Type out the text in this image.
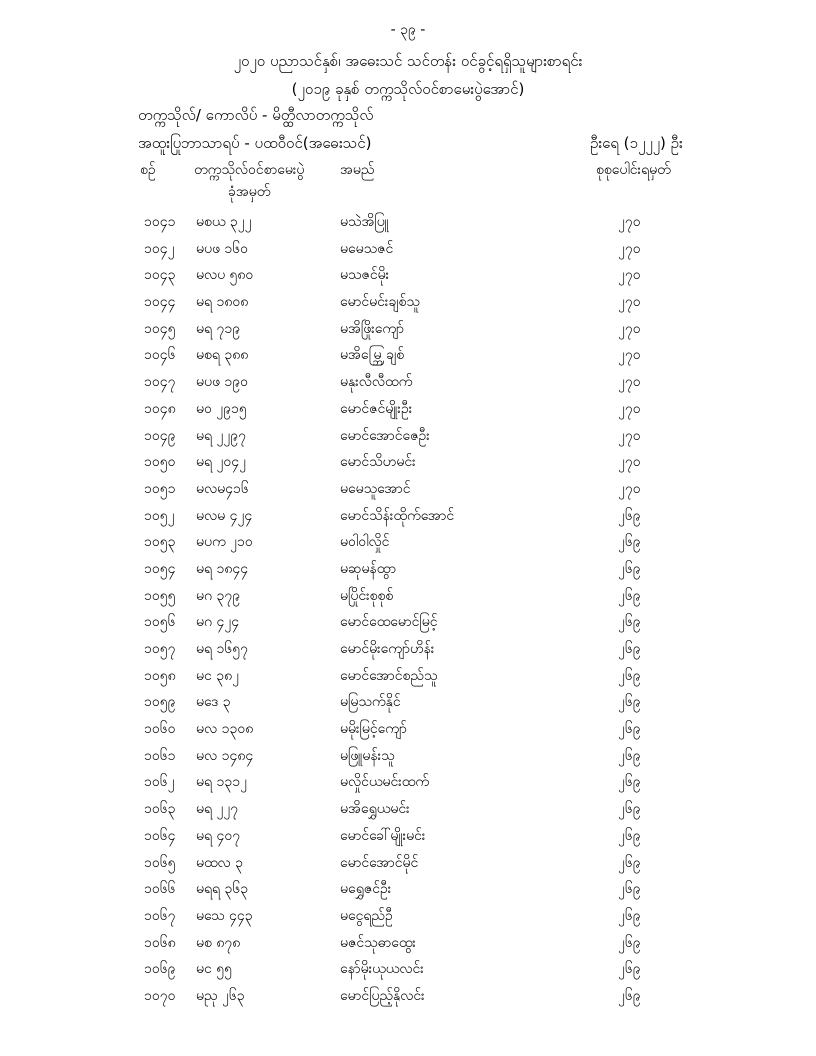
- ၃၉ -
၂၀၂၀ ပညာသင်နှစ်၊ အဓေးသင် သင်တန်း ဝင်ခွင့်ရရှိသူများစာရင်း
(၂၀၁၉ ခုနှစ် တက္ကသိုလ်ဝင်စာမေးပွဲအောင်)
တက္ကသိုလ်/ ကောလိပ် - မိတ္ထီလာတက္ကသိုလ်
အထူးပြုဘာသာရပ် - ပထဝီဝင်(အဓေးသင်)	ဦးရေ (၁၂၂၂) ဦး
စဉ်	တက္ကသိုလ်ဝင်စာမေးပွဲ
ခုံအမှတ်
အမည်	စုစုပေါင်းရမှတ်
၁၀၄၁ မစယ ၃၂၂	မသဲအိပြူ	၂၇၀
၁၀၄၂ မပဖ ၁၆၀	မမေသဇင်	၂၇၀
၁၀၄၃ မလပ ၅၈၀	မသဇင်မိုး	၂၇၀
၁၀၄၄ မရ ၁၈၀၈	မောင်မင်းချစ်သူ	၂၇၀
၁၀၄၅ မရ ၇၁၉	မအိဖြိုးကျော်	၂၇၀
၁၀၄၆ မစရ ၃၈၈	မအိမ္ဘြေချစ်	၂၇၀
၁၀၄၇ မပဖ ၁၉၀	မနုးလီလီထက်	၂၇၀
၁၀၄၈ မဝ ၂၉၁၅	မောင်ဇင်မျိုးဦး	၂၇၀
၁၀၄၉ မရ ၂၂၉၇	မောင်အောင်ဇေဦး	၂၇၀
၁၀၅၀ မရ ၂၀၄၂	မောင်သိဟမင်း	၂၇၀
၁၀၅၁ မလမ၄၁၆	မမေသူအောင်	၂၇၀
၁၀၅၂ မလမ ၄၂၄	မောင်သိန်းထိုက်အောင်	၂၆၉
၁၀၅၃ မပက ၂၁၀	မဝါဝါလှိုင်	၂၆၉
၁၀၅၄ မရ ၁၈၄၄	မဆုမန်ထွာ	၂၆၉
၁၀၅၅ မဂ ၃၇၉	မပြိုင်းစုစုစ်	၂၆၉
၁၀၅၆ မဂ ၄၂၄	မောင်ထေမောင်မြင့်	၂၆၉
၁၀၅၇ မရ ၁၆၅၇	မောင်မိုးကျော်ဟိန်း	၂၆၉
၁၀၅၈ မင ၃၈၂	မောင်အောင်စည်သူ	၂၆၉
၁၀၅၉ မဒေ ၃	မမြသက်နိုင်	၂၆၉
၁၀၆၀ မလ ၁၃၀၈	မမိုးမြင့်ကျော်	၂၆၉
၁၀၆၁ မလ ၁၄၈၄	မဖြူမန်းသူ	၂၆၉
၁၀၆၂ မရ ၁၃၁၂	မလှိုင်ယမင်းထက်	၂၆၉
၁၀၆၃ မရ ၂၂၇	မအိရွှေယမင်း	၂၆၉
၁၀၆၄ မရ ၄၀၇	မောင်ခေါ်မျိုးမင်း	၂၆၉
၁၀၆၅ မထလ ၃	မောင်အောင်မိုင်	၂၆၉
၁၀၆၆ မရရ ၃၆၃	မရွှေဇင်ဦး	၂၆၉
၁၀၆၇ မသေ ၄၄၃	မငွေရည်ဦ	၂၆၉
၁၀၆၈ မစ ၈၇၈	မဇင်သုဓာထွေး	၂၆၉
၁၀၆၉ မင ၅၅	နော်မိုးယုယလင်း	၂၆၉
၁၀၇၀ မညု ၂၆၃	မောင်ပြည့်နိုလင်း	၂၆၉
